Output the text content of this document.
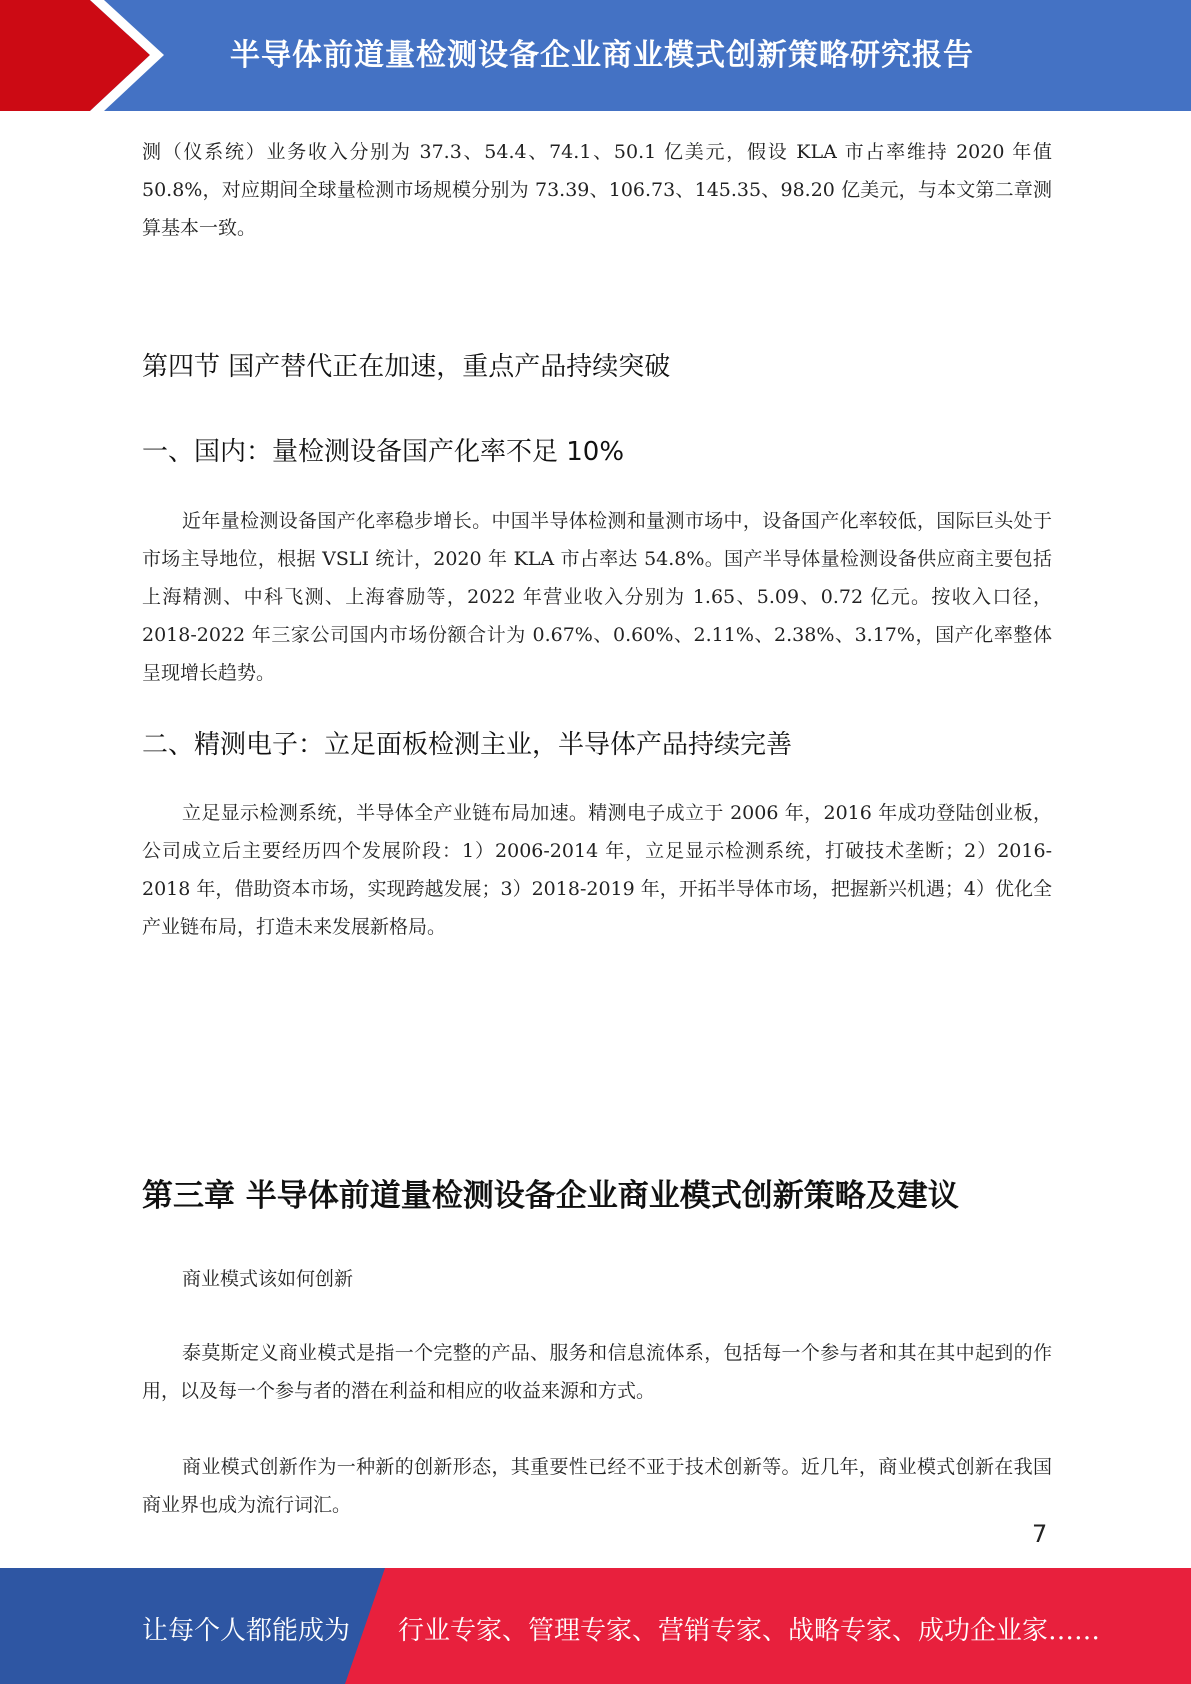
半导体前道量检测设备企业商业模式创新策略研究报告

测（仪系统）业务收入分别为 37.3、54.4、74.1、50.1 亿美元，假设 KLA 市占率维持 2020 年值 50.8%，对应期间全球量检测市场规模分别为 73.39、106.73、145.35、98.20 亿美元，与本文第二章测算基本一致。

第四节 国产替代正在加速，重点产品持续突破
一、国内：量检测设备国产化率不足 10%

近年量检测设备国产化率稳步增长。中国半导体检测和量测市场中，设备国产化率较低，国际巨头处于市场主导地位，根据 VSLI 统计，2020 年 KLA 市占率达 54.8%。国产半导体量检测设备供应商主要包括上海精测、中科飞测、上海睿励等，2022 年营业收入分别为 1.65、5.09、0.72 亿元。按收入口径，2018-2022 年三家公司国内市场份额合计为 0.67%、0.60%、2.11%、2.38%、3.17%，国产化率整体呈现增长趋势。

二、精测电子：立足面板检测主业，半导体产品持续完善

立足显示检测系统，半导体全产业链布局加速。精测电子成立于 2006 年，2016 年成功登陆创业板，公司成立后主要经历四个发展阶段：1）2006-2014 年，立足显示检测系统，打破技术垄断；2）2016-2018 年，借助资本市场，实现跨越发展；3）2018-2019 年，开拓半导体市场，把握新兴机遇；4）优化全产业链布局，打造未来发展新格局。

第三章 半导体前道量检测设备企业商业模式创新策略及建议

商业模式该如何创新

泰莫斯定义商业模式是指一个完整的产品、服务和信息流体系，包括每一个参与者和其在其中起到的作用，以及每一个参与者的潜在利益和相应的收益来源和方式。

商业模式创新作为一种新的创新形态，其重要性已经不亚于技术创新等。近几年，商业模式创新在我国商业界也成为流行词汇。

7
让每个人都能成为 行业专家、管理专家、营销专家、战略专家、成功企业家……
